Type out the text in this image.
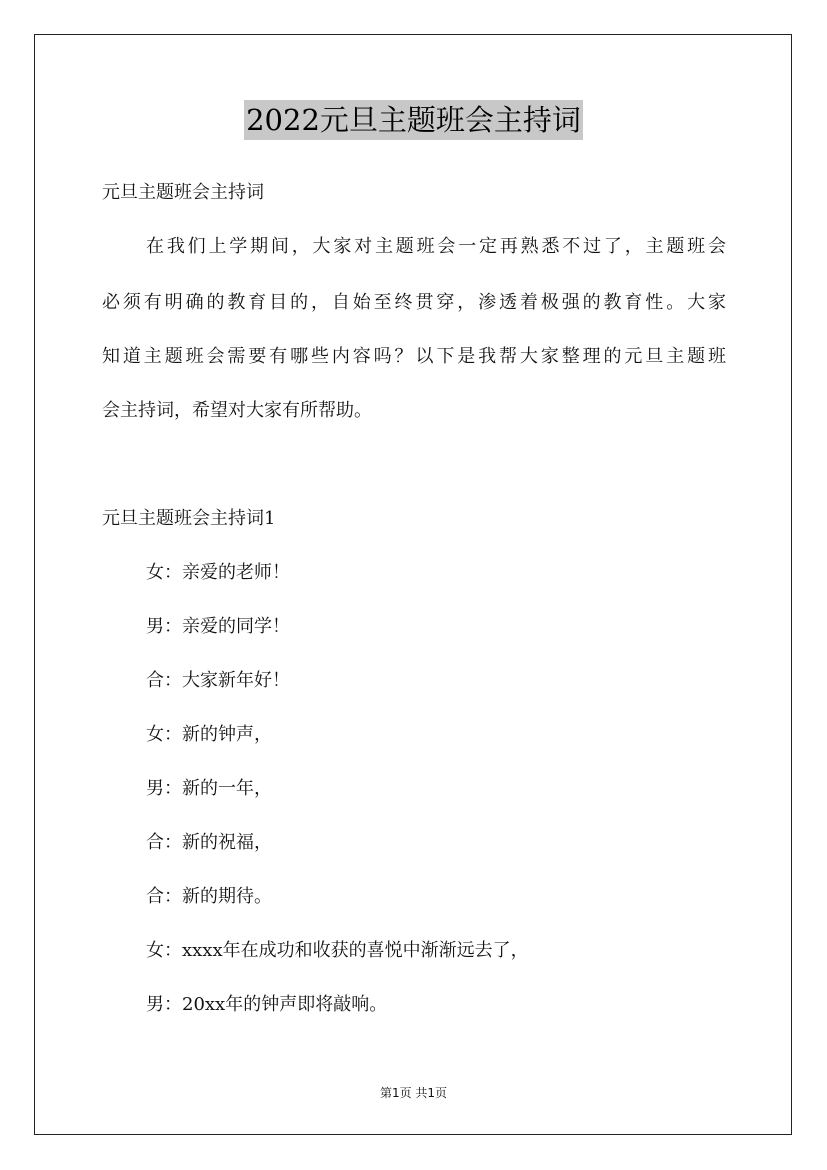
2022元旦主题班会主持词
元旦主题班会主持词
在我们上学期间，大家对主题班会一定再熟悉不过了，主题班会
必须有明确的教育目的，自始至终贯穿，渗透着极强的教育性。大家
知道主题班会需要有哪些内容吗？以下是我帮大家整理的元旦主题班
会主持词，希望对大家有所帮助。
元旦主题班会主持词1
女：亲爱的老师！
男：亲爱的同学！
合：大家新年好！
女：新的钟声，
男：新的一年，
合：新的祝福，
合：新的期待。
女：xxxx年在成功和收获的喜悦中渐渐远去了，
男：20xx年的钟声即将敲响。
第1页 共1页
